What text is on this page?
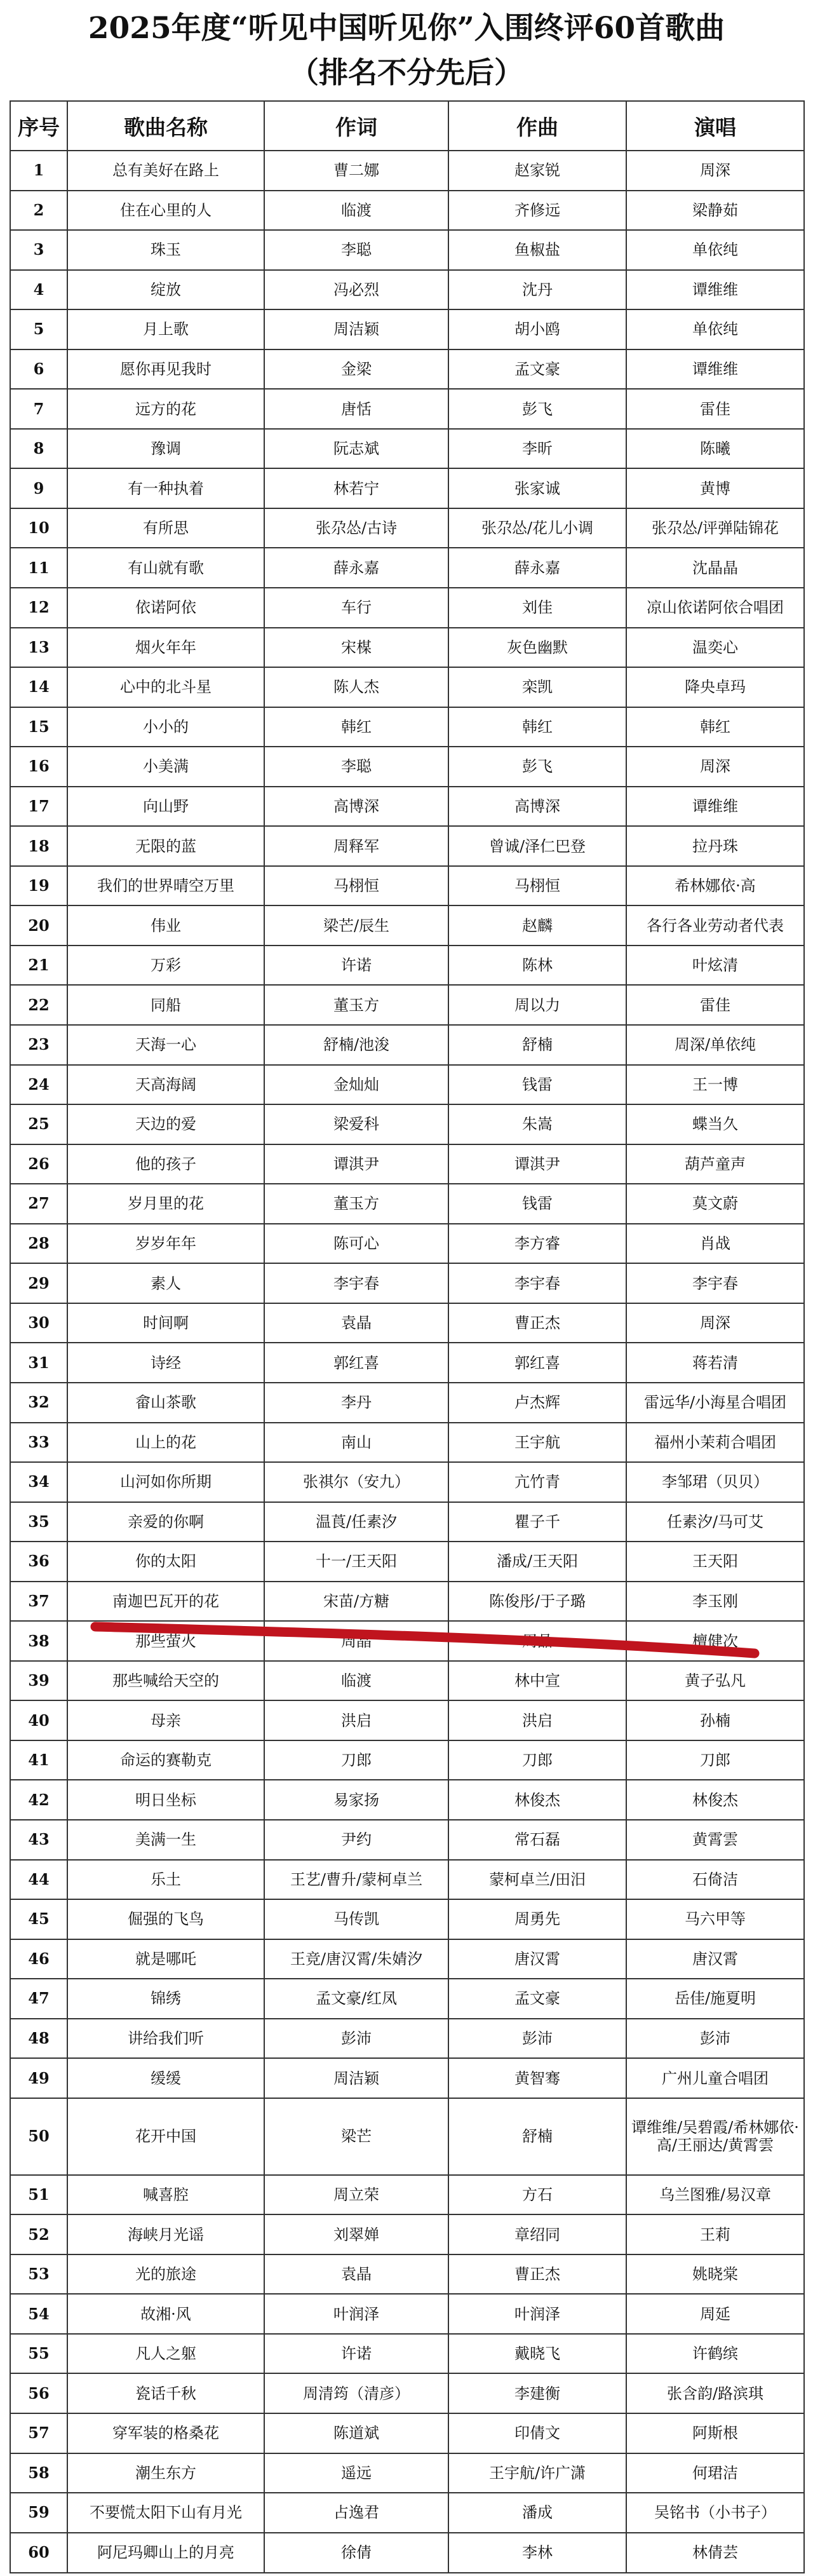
2025年度“听见中国听见你”入围终评60首歌曲
（排名不分先后）
序号	歌曲名称	作词	作曲	演唱
1	总有美好在路上	曹二娜	赵家锐	周深
2	住在心里的人	临渡	齐修远	梁静茹
3	珠玉	李聪	鱼椒盐	单依纯
4	绽放	冯必烈	沈丹	谭维维
5	月上歌	周洁颖	胡小鸥	单依纯
6	愿你再见我时	金梁	孟文豪	谭维维
7	远方的花	唐恬	彭飞	雷佳
8	豫调	阮志斌	李昕	陈曦
9	有一种执着	林若宁	张家诚	黄博
10	有所思	张尕怂/古诗	张尕怂/花儿小调	张尕怂/评弹陆锦花
11	有山就有歌	薛永嘉	薛永嘉	沈晶晶
12	依诺阿依	车行	刘佳	凉山依诺阿依合唱团
13	烟火年年	宋楳	灰色幽默	温奕心
14	心中的北斗星	陈人杰	栾凯	降央卓玛
15	小小的	韩红	韩红	韩红
16	小美满	李聪	彭飞	周深
17	向山野	高博深	高博深	谭维维
18	无限的蓝	周释军	曾诚/泽仁巴登	拉丹珠
19	我们的世界晴空万里	马栩恒	马栩恒	希林娜依·高
20	伟业	梁芒/辰生	赵麟	各行各业劳动者代表
21	万彩	许诺	陈林	叶炫清
22	同船	董玉方	周以力	雷佳
23	天海一心	舒楠/池浚	舒楠	周深/单依纯
24	天高海阔	金灿灿	钱雷	王一博
25	天边的爱	梁爱科	朱嵩	蝶当久
26	他的孩子	谭淇尹	谭淇尹	葫芦童声
27	岁月里的花	董玉方	钱雷	莫文蔚
28	岁岁年年	陈可心	李方睿	肖战
29	素人	李宇春	李宇春	李宇春
30	时间啊	袁晶	曹正杰	周深
31	诗经	郭红喜	郭红喜	蒋若清
32	畲山茶歌	李丹	卢杰辉	雷远华/小海星合唱团
33	山上的花	南山	王宇航	福州小茉莉合唱团
34	山河如你所期	张祺尔（安九）	亢竹青	李邹珺（贝贝）
35	亲爱的你啊	温莨/任素汐	瞿子千	任素汐/马可艾
36	你的太阳	十一/王天阳	潘成/王天阳	王天阳
37	南迦巴瓦开的花	宋苗/方糖	陈俊彤/于子璐	李玉刚
38	那些萤火	周晶	周晶	檀健次
39	那些喊给天空的	临渡	林中宣	黄子弘凡
40	母亲	洪启	洪启	孙楠
41	命运的赛勒克	刀郎	刀郎	刀郎
42	明日坐标	易家扬	林俊杰	林俊杰
43	美满一生	尹约	常石磊	黄霄雲
44	乐土	王艺/曹升/蒙柯卓兰	蒙柯卓兰/田汨	石倚洁
45	倔强的飞鸟	马传凯	周勇先	马六甲等
46	就是哪吒	王竞/唐汉霄/朱婧汐	唐汉霄	唐汉霄
47	锦绣	孟文豪/红凤	孟文豪	岳佳/施夏明
48	讲给我们听	彭沛	彭沛	彭沛
49	缓缓	周洁颖	黄智骞	广州儿童合唱团
50	花开中国	梁芒	舒楠	谭维维/吴碧霞/希林娜依·高/王丽达/黄霄雲
51	喊喜腔	周立荣	方石	乌兰图雅/易汉章
52	海峡月光谣	刘翠婵	章绍同	王莉
53	光的旅途	袁晶	曹正杰	姚晓棠
54	故湘·风	叶润泽	叶润泽	周延
55	凡人之躯	许诺	戴晓飞	许鹤缤
56	瓷话千秋	周清筠（清彦）	李建衡	张含韵/路滨琪
57	穿军装的格桑花	陈道斌	印倩文	阿斯根
58	潮生东方	遥远	王宇航/许广潇	何珺洁
59	不要慌太阳下山有月光	占逸君	潘成	吴铭书（小书子）
60	阿尼玛卿山上的月亮	徐倩	李林	林倩芸
